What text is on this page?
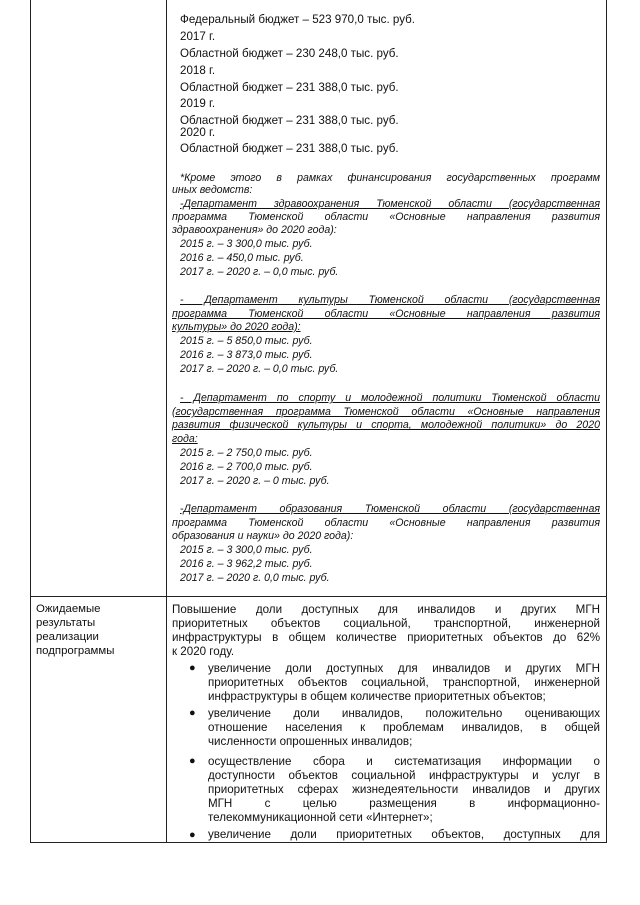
Федеральный бюджет – 523 970,0 тыс. руб.
2017 г.
Областной бюджет – 230 248,0 тыс. руб.
2018 г.
Областной бюджет – 231 388,0 тыс. руб.
2019 г.
Областной бюджет – 231 388,0 тыс. руб.
2020 г.
Областной бюджет – 231 388,0 тыс. руб.
*Кроме этого в рамках финансирования государственных программ
иных ведомств:
-Департамент здравоохранения Тюменской области (государственная
программа Тюменской области «Основные направления развития
здравоохранения» до 2020 года):
2015 г. – 3 300,0 тыс. руб.
2016 г. – 450,0 тыс. руб.
2017 г. – 2020 г. – 0,0 тыс. руб.
- Департамент культуры Тюменской области (государственная
программа Тюменской области «Основные направления развития
культуры» до 2020 года):
2015 г. – 5 850,0 тыс. руб.
2016 г. – 3 873,0 тыс. руб.
2017 г. – 2020 г. – 0,0 тыс. руб.
- Департамент по спорту и молодежной политики Тюменской области
(государственная программа Тюменской области «Основные направления
развития физической культуры и спорта, молодежной политики» до 2020
года:
2015 г. – 2 750,0 тыс. руб.
2016 г. – 2 700,0 тыс. руб.
2017 г. – 2020 г. – 0 тыс. руб.
-Департамент образования Тюменской области (государственная
программа Тюменской области «Основные направления развития
образования и науки» до 2020 года):
2015 г. – 3 300,0 тыс. руб.
2016 г. – 3 962,2 тыс. руб.
2017 г. – 2020 г. 0,0 тыс. руб.
Ожидаемые
результаты
реализации
подпрограммы
Повышение доли доступных для инвалидов и других МГН
приоритетных объектов социальной, транспортной, инженерной
инфраструктуры в общем количестве приоритетных объектов до 62%
к 2020 году.
● увеличение доли доступных для инвалидов и других МГН
приоритетных объектов социальной, транспортной, инженерной
инфраструктуры в общем количестве приоритетных объектов;
● увеличение доли инвалидов, положительно оценивающих
отношение населения к проблемам инвалидов, в общей
численности опрошенных инвалидов;
● осуществление сбора и систематизация информации о
доступности объектов социальной инфраструктуры и услуг в
приоритетных сферах жизнедеятельности инвалидов и других
МГН с целью размещения в информационно-
телекоммуникационной сети «Интернет»;
● увеличение доли приоритетных объектов, доступных для
